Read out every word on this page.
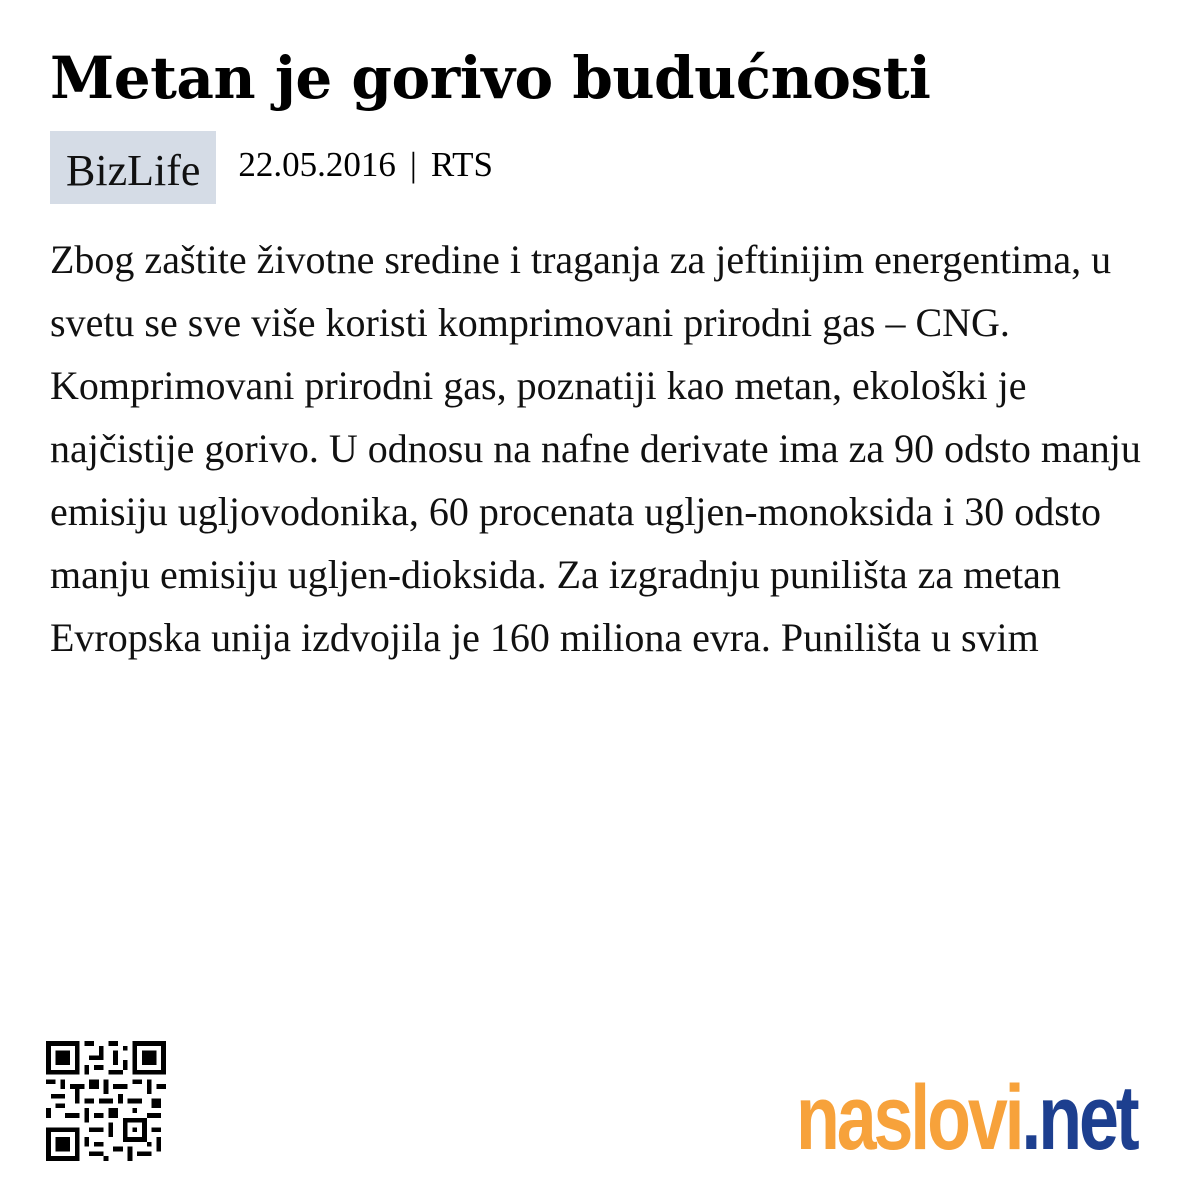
Metan je gorivo budućnosti
BizLife	22.05.2016 | RTS

Zbog zaštite životne sredine i traganja za jeftinijim energentima, u svetu se sve više koristi komprimovani prirodni gas – CNG. Komprimovani prirodni gas, poznatiji kao metan, ekološki je najčistije gorivo. U odnosu na nafne derivate ima za 90 odsto manju emisiju ugljovodonika, 60 procenata ugljen-monoksida i 30 odsto manju emisiju ugljen-dioksida. Za izgradnju punilišta za metan Evropska unija izdvojila je 160 miliona evra. Punilišta u svim

naslovi.net
